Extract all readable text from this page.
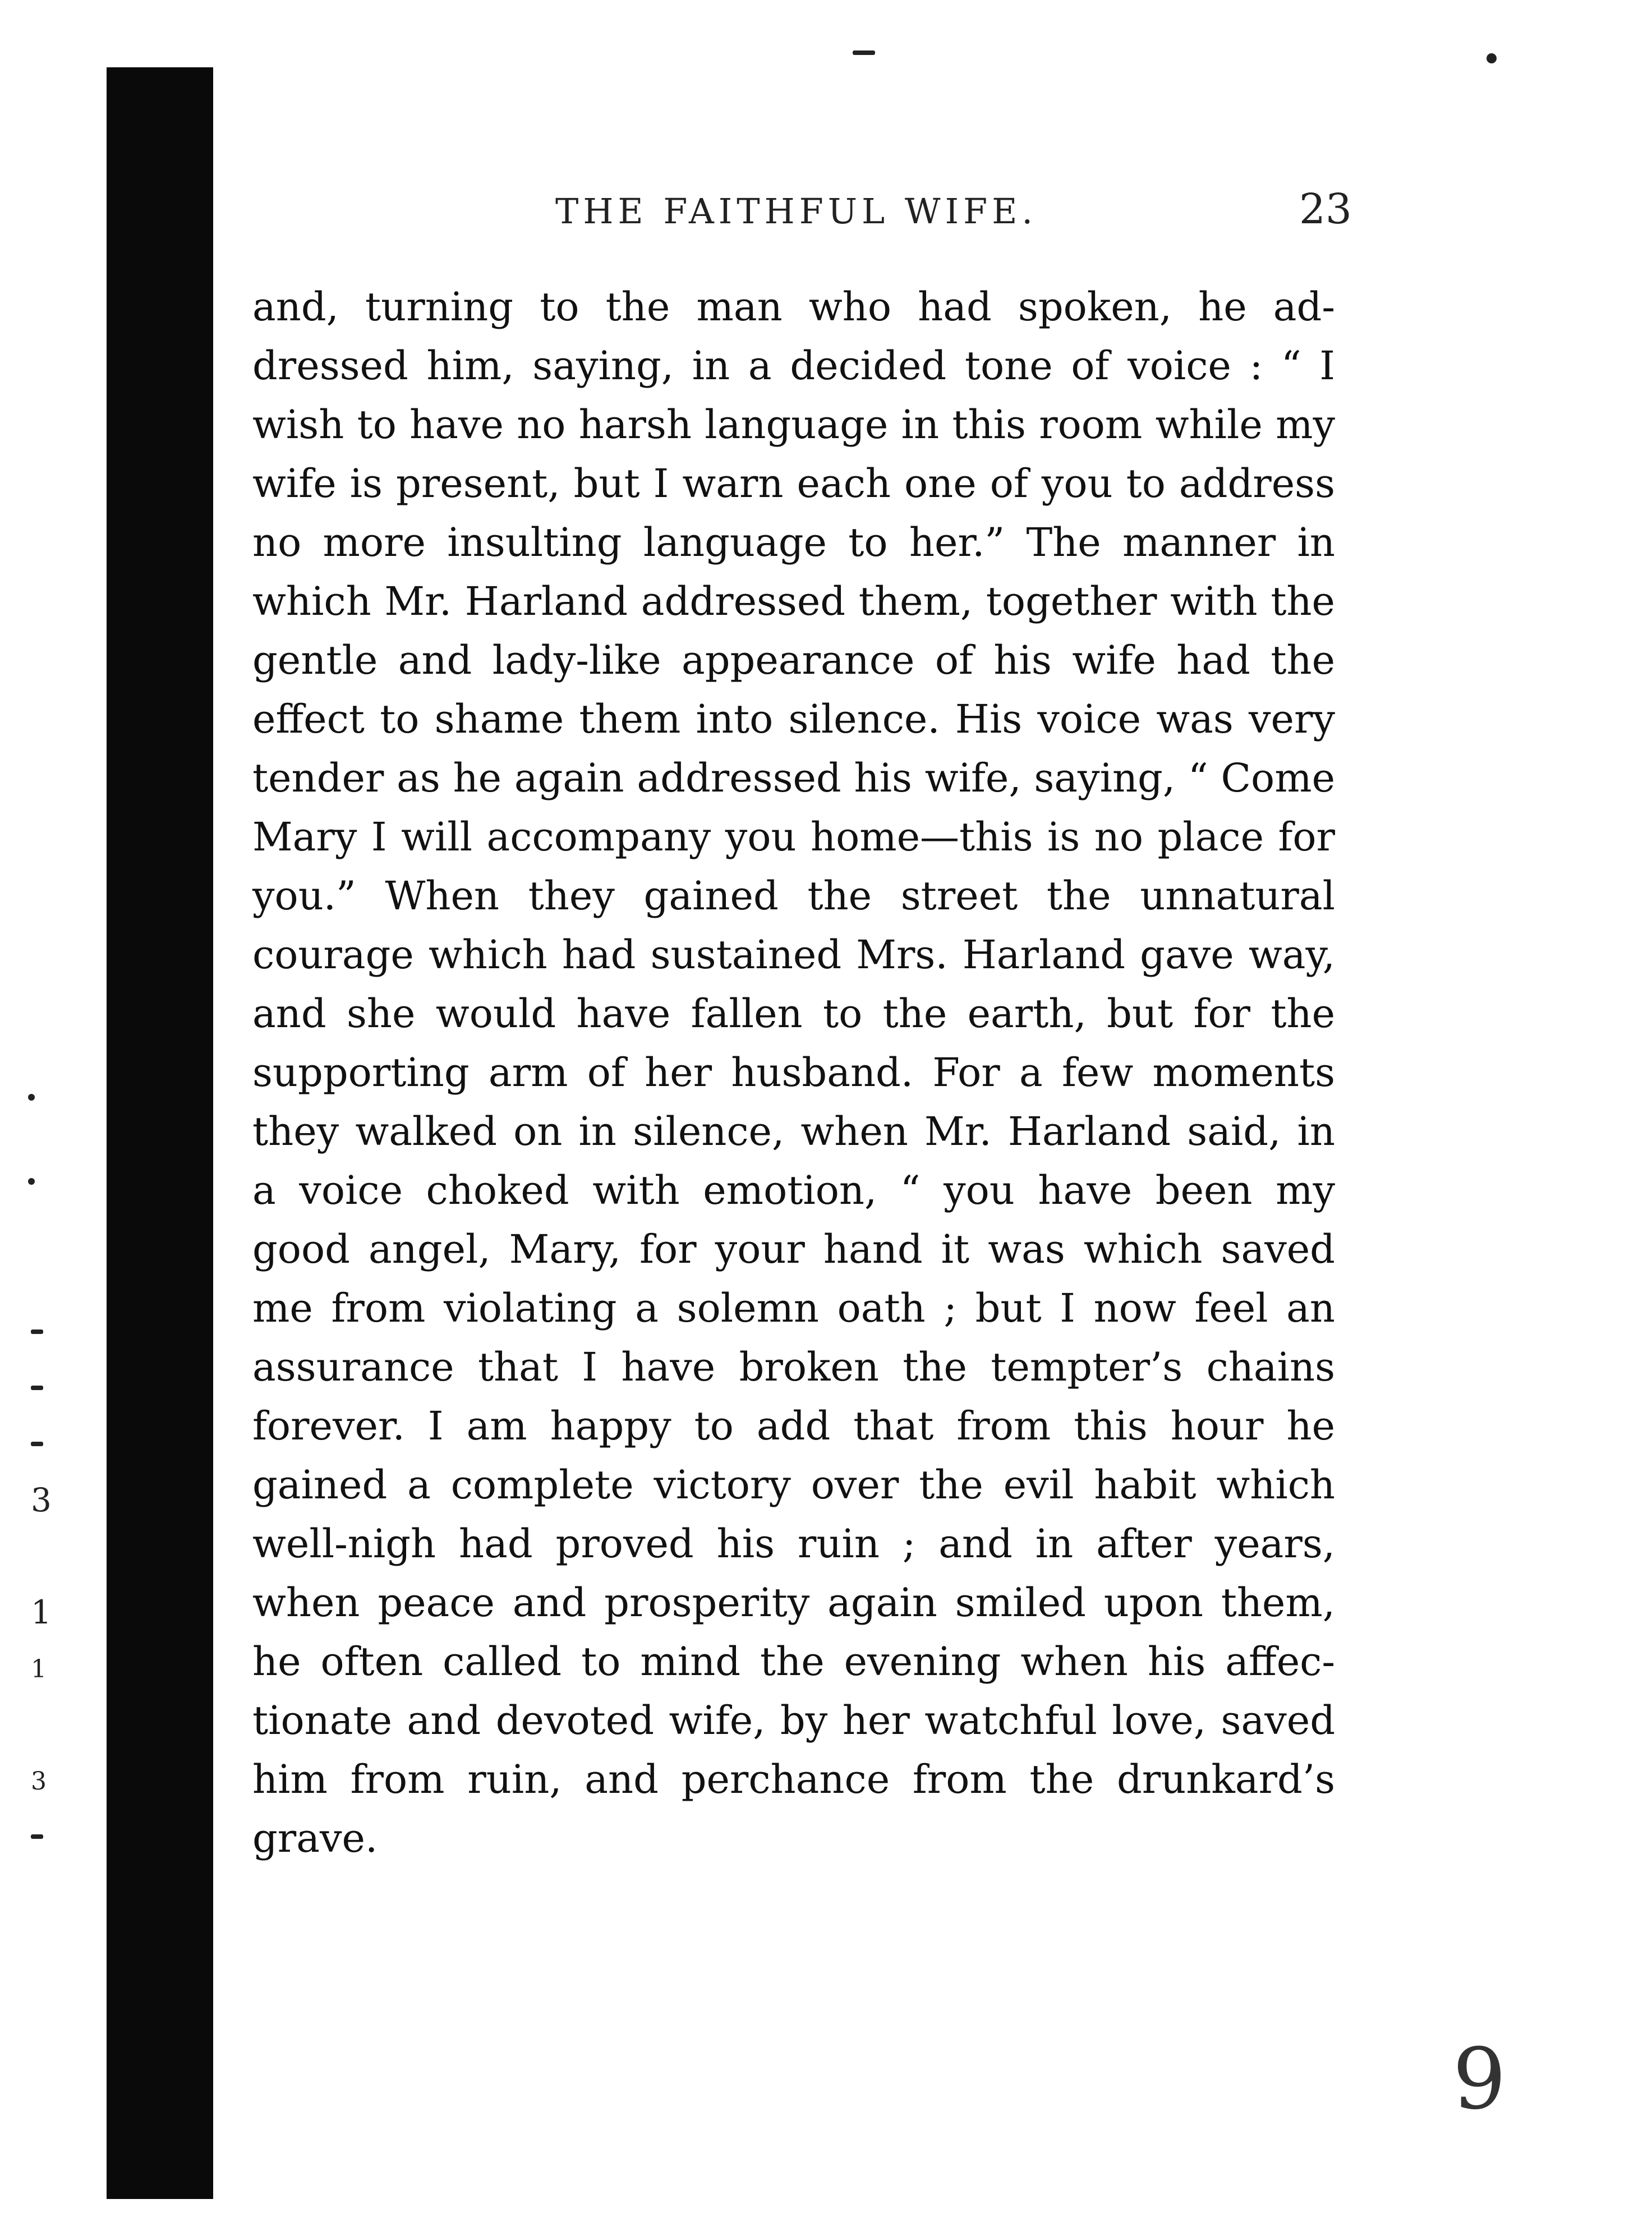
THE FAITHFUL WIFE.	23
and, turning to the man who had spoken, he ad-
dressed him, saying, in a decided tone of voice : “ I
wish to have no harsh language in this room while my
wife is present, but I warn each one of you to address
no more insulting language to her.” The manner in
which Mr. Harland addressed them, together with the
gentle and lady-like appearance of his wife had the
effect to shame them into silence. His voice was very
tender as he again addressed his wife, saying, “ Come
Mary I will accompany you home—this is no place for
you.” When they gained the street the unnatural
courage which had sustained Mrs. Harland gave way,
and she would have fallen to the earth, but for the
supporting arm of her husband. For a few moments
they walked on in silence, when Mr. Harland said, in
a voice choked with emotion, “ you have been my
good angel, Mary, for your hand it was which saved
me from violating a solemn oath ; but I now feel an
assurance that I have broken the tempter’s chains
forever. I am happy to add that from this hour he
gained a complete victory over the evil habit which
well-nigh had proved his ruin ; and in after years,
when peace and prosperity again smiled upon them,
he often called to mind the evening when his affec-
tionate and devoted wife, by her watchful love, saved
him from ruin, and perchance from the drunkard’s
grave.
3
1
1
3
9
